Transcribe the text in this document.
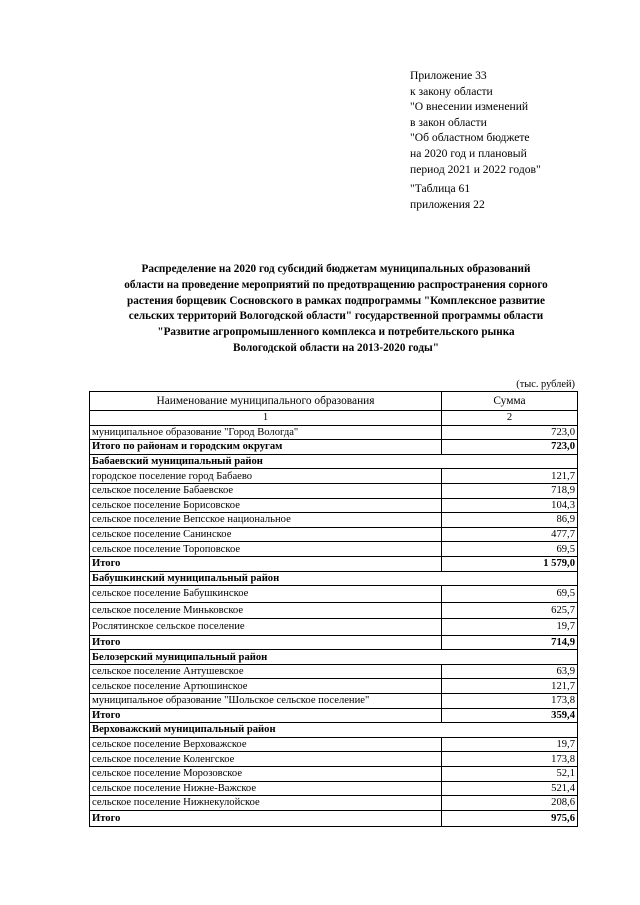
Приложение 33
к закону области
"О внесении изменений
в закон области
"Об областном бюджете
на 2020 год и плановый
период 2021 и 2022 годов"
"Таблица 61
приложения 22
Распределение на 2020 год субсидий бюджетам муниципальных образований
области на проведение мероприятий по предотвращению распространения сорного
растения борщевик Сосновского в рамках подпрограммы "Комплексное развитие
сельских территорий Вологодской области" государственной программы области
"Развитие агропромышленного комплекса и потребительского рынка
Вологодской области на 2013-2020 годы"
(тыс. рублей)
Наименование муниципального образования	Сумма
1	2
муниципальное образование "Город Вологда"	723,0
Итого по районам и городским округам	723,0
Бабаевский муниципальный район	
городское поселение город Бабаево	121,7
сельское поселение Бабаевское	718,9
сельское поселение Борисовское	104,3
сельское поселение Вепсское национальное	86,9
сельское поселение Санинское	477,7
сельское поселение Тороповское	69,5
Итого	1 579,0
Бабушкинский муниципальный район	
сельское поселение Бабушкинское	69,5
сельское поселение Миньковское	625,7
Рослятинское сельское поселение	19,7
Итого	714,9
Белозерский муниципальный район	
сельское поселение Антушевское	63,9
сельское поселение Артюшинское	121,7
муниципальное образование "Шольское сельское поселение"	173,8
Итого	359,4
Верховажский муниципальный район	
сельское поселение Верховажское	19,7
сельское поселение Коленгское	173,8
сельское поселение Морозовское	52,1
сельское поселение Нижне-Важское	521,4
сельское поселение Нижнекулойское	208,6
Итого	975,6
